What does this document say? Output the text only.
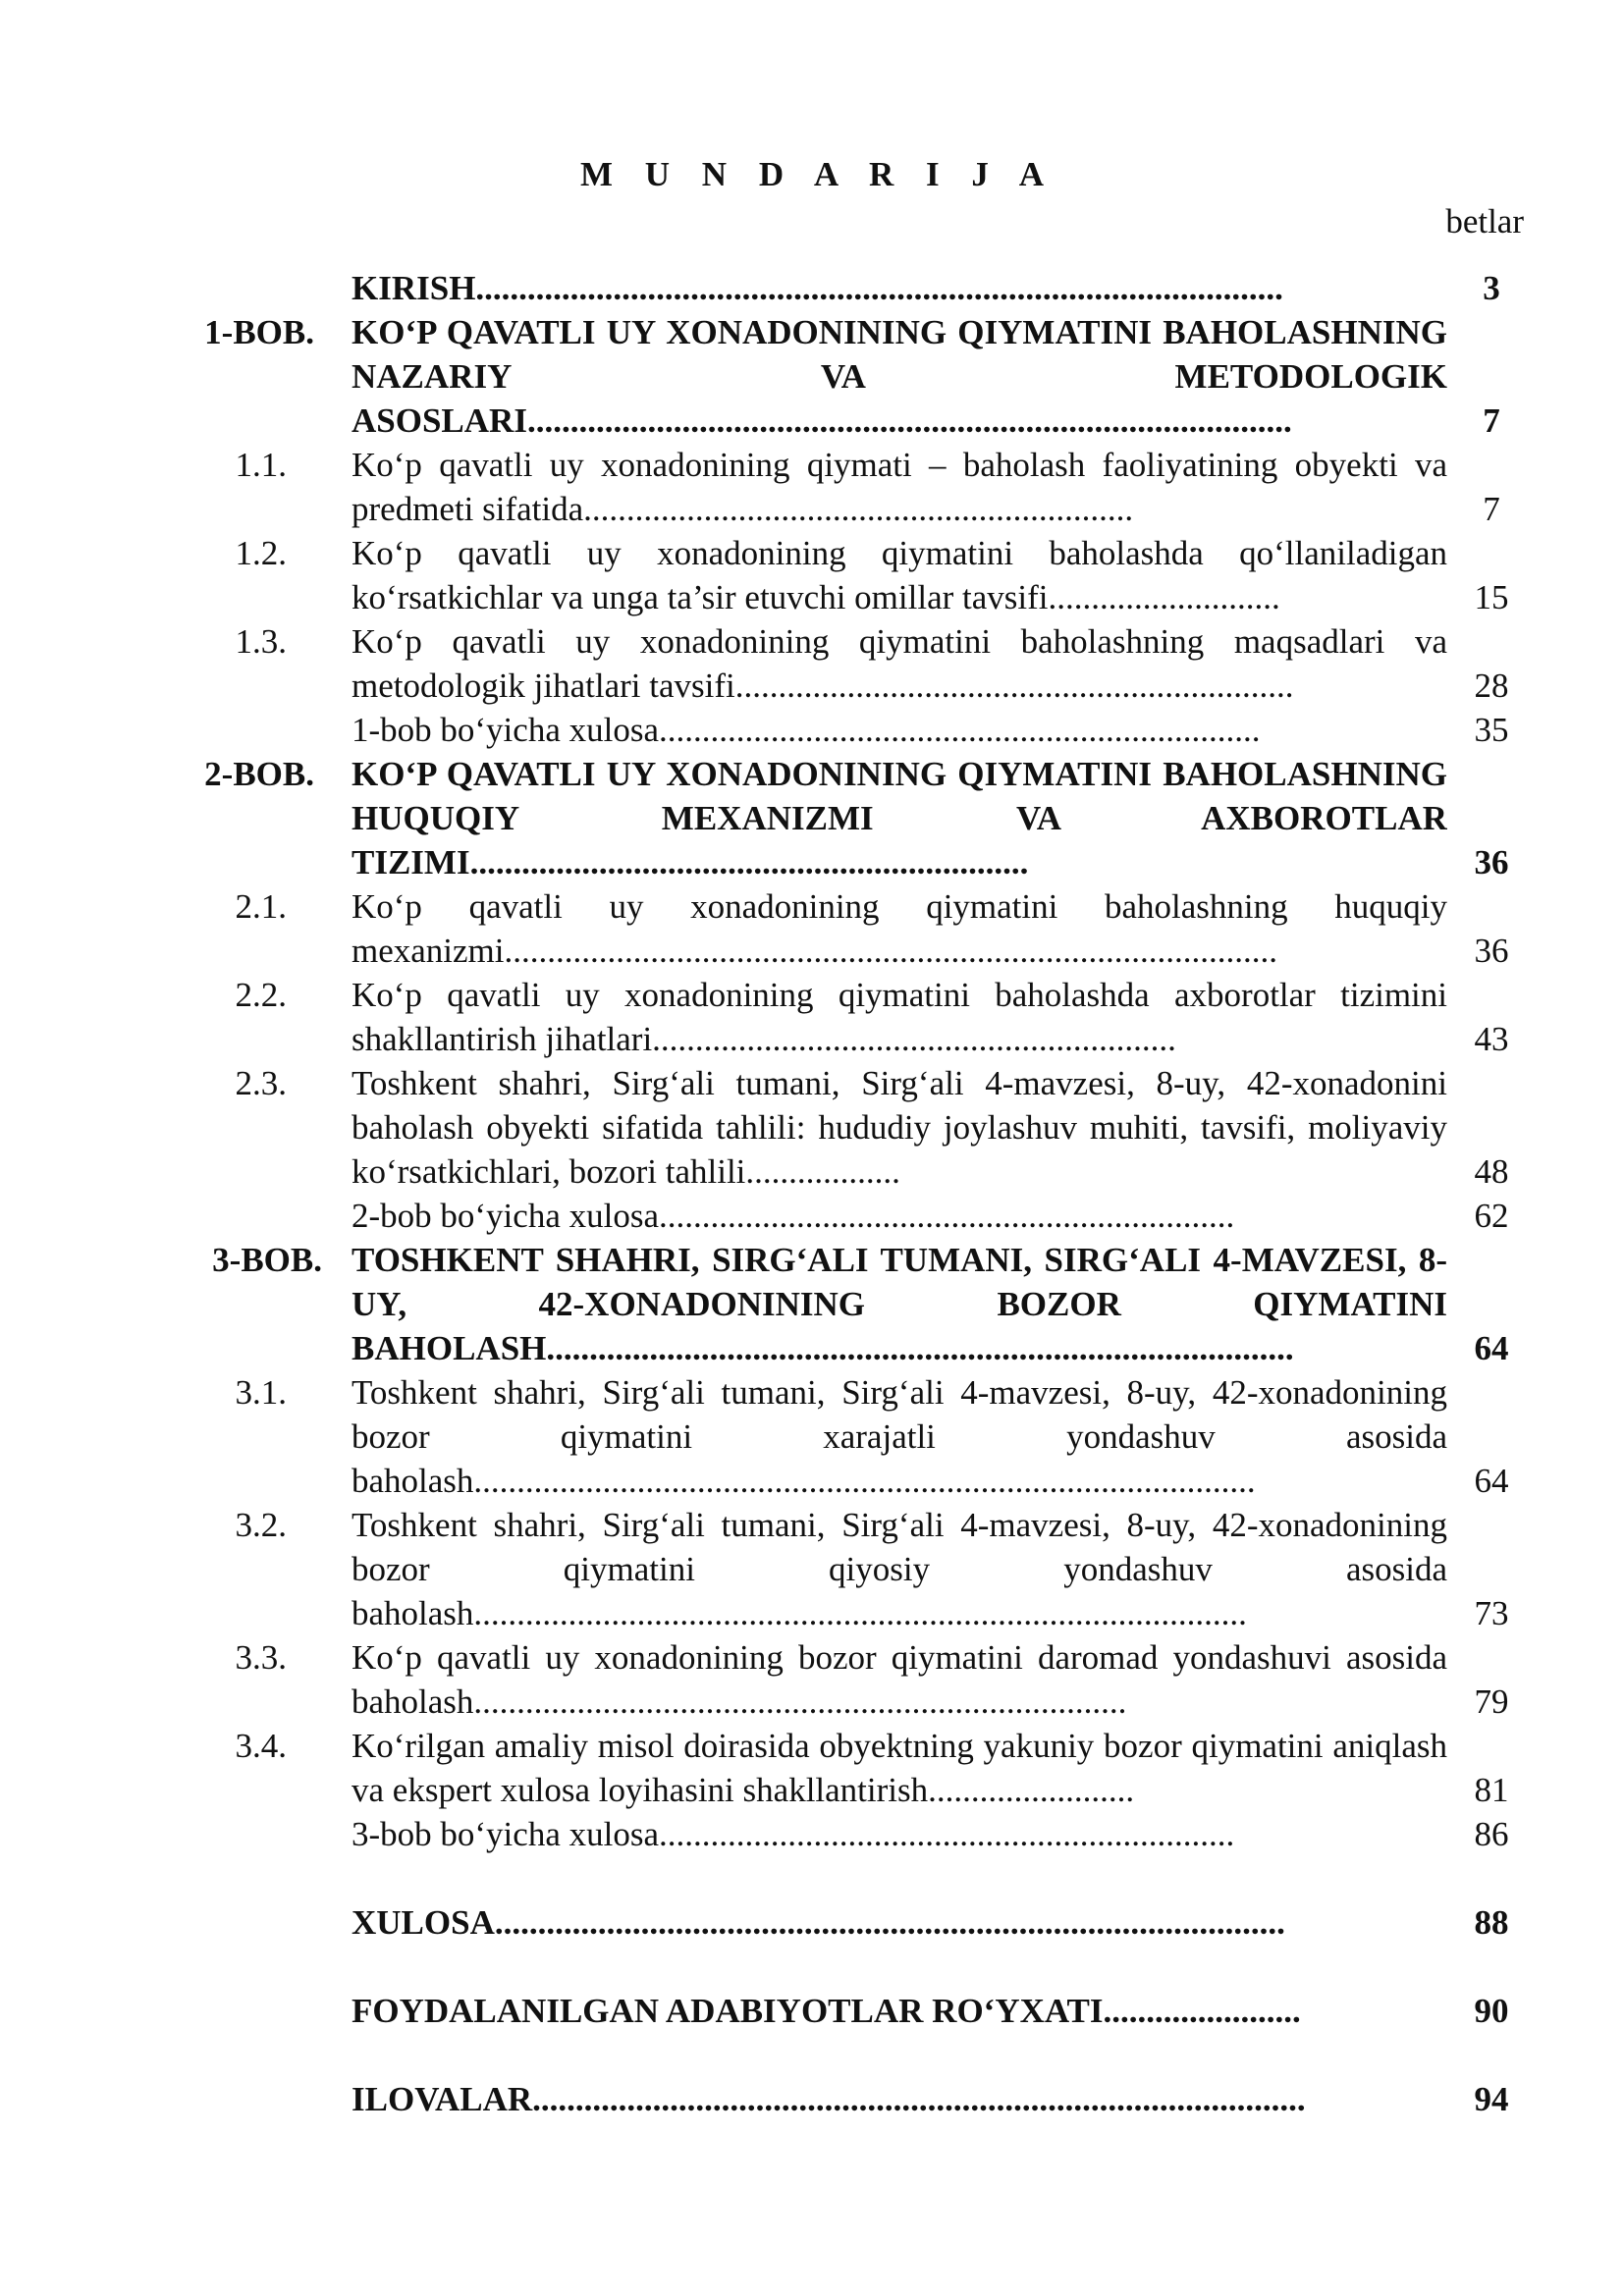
M U N D A R I J A
betlar
KIRISH..............................................................................................	3
1-BOB. KO‘P QAVATLI UY XONADONINING QIYMATINI BAHOLASHNING NAZARIY VA METODOLOGIK ASOSLARI.........................................................................................	7
1.1. Ko‘p qavatli uy xonadonining qiymati – baholash faoliyatining obyekti va predmeti sifatida................................................................	7
1.2. Ko‘p qavatli uy xonadonining qiymatini baholashda qo‘llaniladigan ko‘rsatkichlar va unga ta’sir etuvchi omillar tavsifi...........................	15
1.3. Ko‘p qavatli uy xonadonining qiymatini baholashning maqsadlari va metodologik jihatlari tavsifi.................................................................	28
1-bob bo‘yicha xulosa......................................................................	35
2-BOB. KO‘P QAVATLI UY XONADONINING QIYMATINI BAHOLASHNING HUQUQIY MEXANIZMI VA AXBOROTLAR TIZIMI.................................................................	36
2.1. Ko‘p qavatli uy xonadonining qiymatini baholashning huquqiy mexanizmi..........................................................................................	36
2.2. Ko‘p qavatli uy xonadonining qiymatini baholashda axborotlar tizimini shakllantirish jihatlari.............................................................	43
2.3. Toshkent shahri, Sirg‘ali tumani, Sirg‘ali 4-mavzesi, 8-uy, 42-xonadonini baholash obyekti sifatida tahlili: hududiy joylashuv muhiti, tavsifi, moliyaviy ko‘rsatkichlari, bozori tahlili..................	48
2-bob bo‘yicha xulosa...................................................................	62
3-BOB. TOSHKENT SHAHRI, SIRG‘ALI TUMANI, SIRG‘ALI 4-MAVZESI, 8-UY, 42-XONADONINING BOZOR QIYMATINI BAHOLASH.......................................................................................	64
3.1. Toshkent shahri, Sirg‘ali tumani, Sirg‘ali 4-mavzesi, 8-uy, 42-xonadonining bozor qiymatini xarajatli yondashuv asosida baholash...........................................................................................	64
3.2. Toshkent shahri, Sirg‘ali tumani, Sirg‘ali 4-mavzesi, 8-uy, 42-xonadonining bozor qiymatini qiyosiy yondashuv asosida baholash..........................................................................................	73
3.3. Ko‘p qavatli uy xonadonining bozor qiymatini daromad yondashuvi asosida baholash............................................................................	79
3.4. Ko‘rilgan amaliy misol doirasida obyektning yakuniy bozor qiymatini aniqlash va ekspert xulosa loyihasini shakllantirish........................	81
3-bob bo‘yicha xulosa...................................................................	86
XULOSA............................................................................................	88
FOYDALANILGAN ADABIYOTLAR RO‘YXATI.......................	90
ILOVALAR..........................................................................................	94
